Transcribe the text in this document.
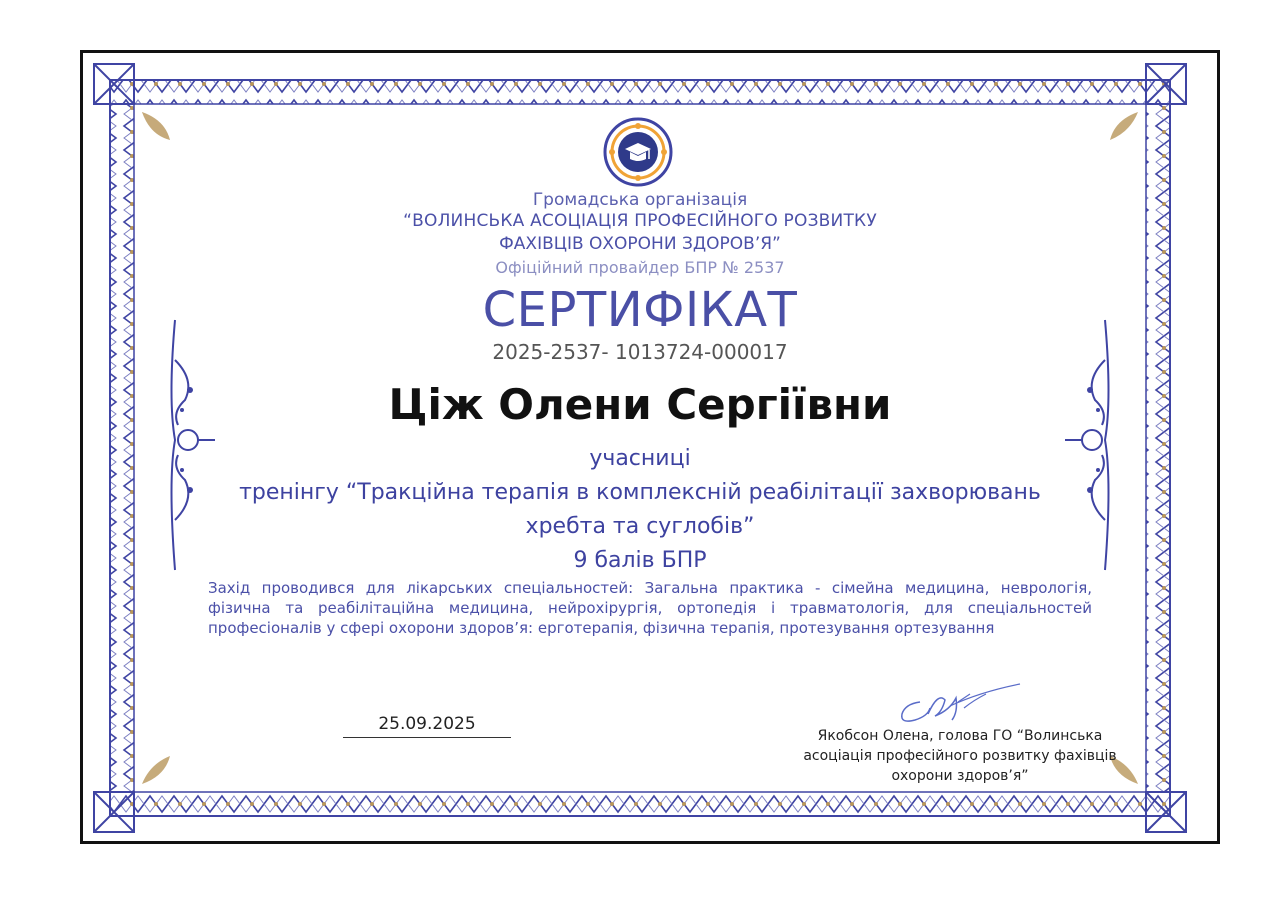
Громадська організація
“ВОЛИНСЬКА АСОЦІАЦІЯ ПРОФЕСІЙНОГО РОЗВИТКУ
ФАХІВЦІВ ОХОРОНИ ЗДОРОВ’Я”
Офіційний провайдер БПР № 2537
СЕРТИФІКАТ
2025-2537- 1013724-000017
Ціж Олени Сергіївни
учасниці
тренінгу “Тракційна терапія в комплексній реабілітації захворювань
хребта та суглобів”
9 балів БПР
Захід проводився для лікарських спеціальностей: Загальна практика - сімейна медицина, неврологія, фізична та реабілітаційна медицина, нейрохірургія, ортопедія і травматологія, для спеціальностей професіоналів у сфері охорони здоров’я: ерготерапія, фізична терапія, протезування ортезування
25.09.2025
Якобсон Олена, голова ГО “Волинська
асоціація професійного розвитку фахівців
охорони здоров’я”
